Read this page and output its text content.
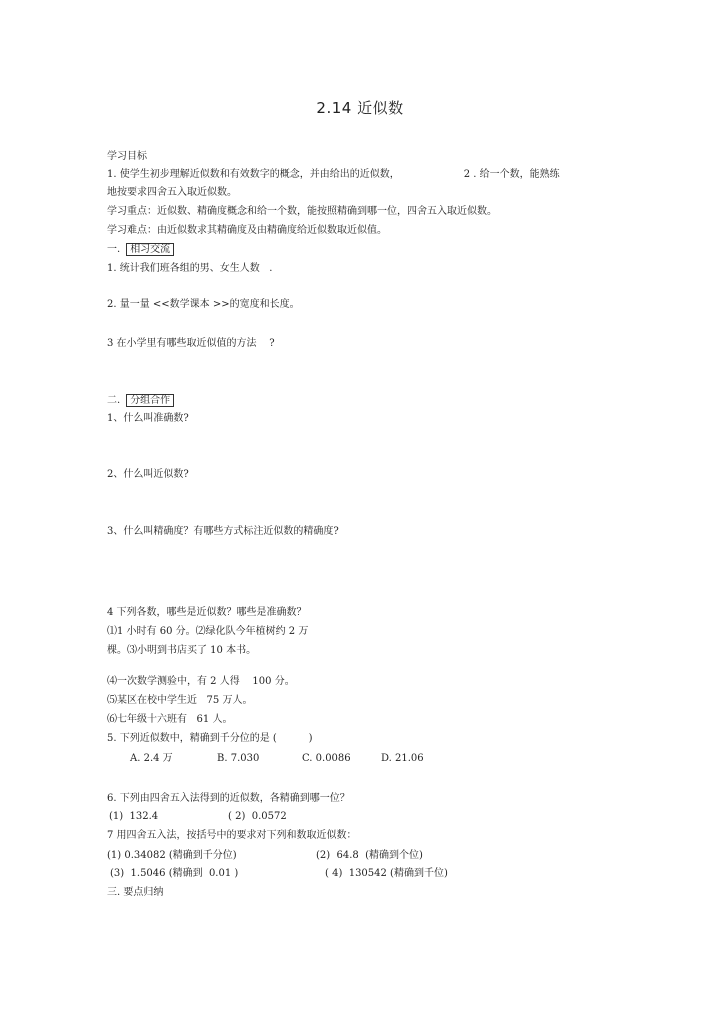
2.14 近似数
学习目标
1. 使学生初步理解近似数和有效数字的概念，并由给出的近似数，	2 . 给一个数，能熟练
地按要求四舍五入取近似数。
学习重点：近似数、精确度概念和给一个数，能按照精确到哪一位，四舍五入取近似数。
学习难点：由近似数求其精确度及由精确度给近似数取近似值。
一. 相习交流
1. 统计我们班各组的男、女生人数   .
2. 量一量 <<数学课本 >>的宽度和长度。
3 在小学里有哪些取近似值的方法    ?
二. 分组合作
1、什么叫准确数?
2、什么叫近似数?
3、什么叫精确度？有哪些方式标注近似数的精确度?
4 下列各数，哪些是近似数？哪些是准确数？
⑴1 小时有 60 分。⑵绿化队今年植树约 2 万
棵。⑶小明到书店买了 10 本书。
⑷一次数学测验中，有 2 人得    100 分。
⑸某区在校中学生近   75 万人。
⑹七年级十六班有   61 人。
5. 下列近似数中，精确到千分位的是 (          )
A. 2.4 万	B. 7.030	C. 0.0086	D. 21.06
6. 下列由四舍五入法得到的近似数，各精确到哪一位？
(1)  132.4	( 2)  0.0572
7 用四舍五入法，按括号中的要求对下列和数取近似数：
(1) 0.34082 (精确到千分位)	(2)  64.8  (精确到个位)
(3)  1.5046 (精确到  0.01 )	( 4)  130542 (精确到千位)
三. 要点归纳
